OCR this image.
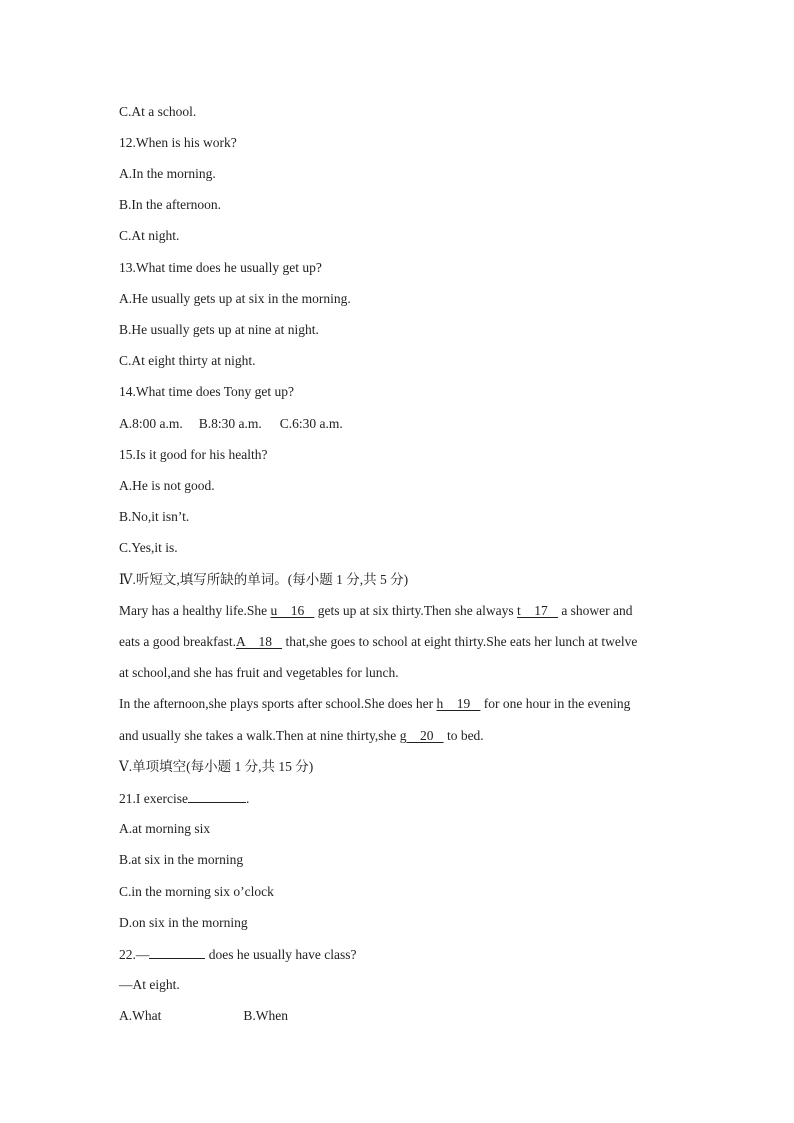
C.At a school.
12.When is his work?
A.In the morning.
B.In the afternoon.
C.At night.
13.What time does he usually get up?
A.He usually gets up at six in the morning.
B.He usually gets up at nine at night.
C.At eight thirty at night.
14.What time does Tony get up?
A.8:00 a.m. B.8:30 a.m. C.6:30 a.m.
15.Is it good for his health?
A.He is not good.
B.No,it isn’t.
C.Yes,it is.
Ⅳ.听短文,填写所缺的单词。(每小题 1 分,共 5 分)
Mary has a healthy life.She u    16    gets up at six thirty.Then she always t    17    a shower and
eats a good breakfast.A    18    that,she goes to school at eight thirty.She eats her lunch at twelve
at school,and she has fruit and vegetables for lunch.
In the afternoon,she plays sports after school.She does her h    19    for one hour in the evening
and usually she takes a walk.Then at nine thirty,she g    20    to bed.
Ⅴ.单项填空(每小题 1 分,共 15 分)
21.I exercise	.
A.at morning six
B.at six in the morning
C.in the morning six o’clock
D.on six in the morning
22.—	does he usually have class?
—At eight.
A.What	B.When
